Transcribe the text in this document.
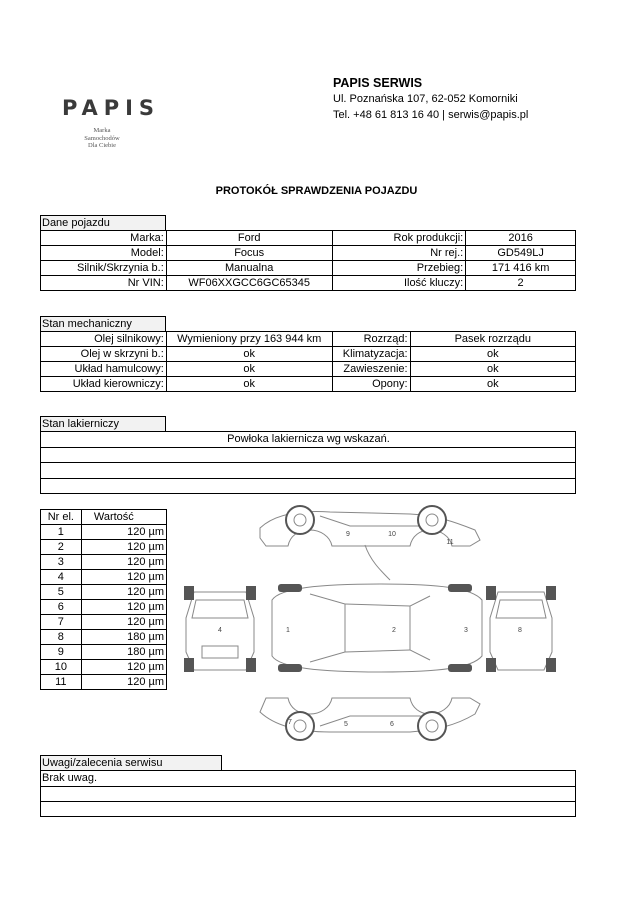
PAPIS
Marka
Samochodów
Dla Ciebie
PAPIS SERWIS
Ul. Poznańska 107, 62-052 Komorniki
Tel. +48 61 813 16 40 | serwis@papis.pl
PROTOKÓŁ SPRAWDZENIA POJAZDU
Dane pojazdu
Marka:	Ford	Rok produkcji:	2016
Model:	Focus	Nr rej.:	GD549LJ
Silnik/Skrzynia b.:	Manualna	Przebieg:	171 416 km
Nr VIN:	WF06XXGCC6GC65345	Ilość kluczy:	2
Stan mechaniczny
Olej silnikowy:	Wymieniony przy 163 944 km	Rozrząd:	Pasek rozrządu
Olej w skrzyni b.:	ok	Klimatyzacja:	ok
Układ hamulcowy:	ok	Zawieszenie:	ok
Układ kierowniczy:	ok	Opony:	ok
Stan lakierniczy
Powłoka lakiernicza wg wskazań.
Nr el.	Wartość
1	120 µm
2	120 µm
3	120 µm
4	120 µm
5	120 µm
6	120 µm
7	120 µm
8	180 µm
9	180 µm
10	120 µm
11	120 µm
1	2	3
4
5	6
7
8
9	10
11
Uwagi/zalecenia serwisu
Brak uwag.
